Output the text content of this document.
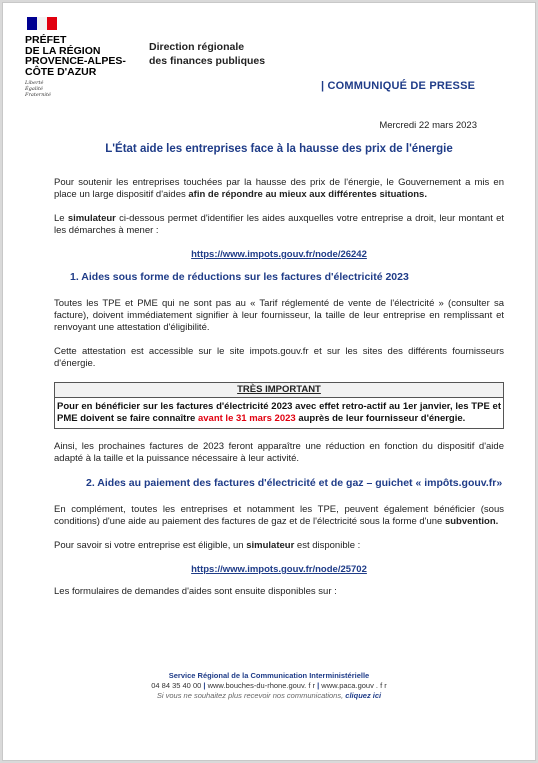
PRÉFET
DE LA RÉGION
PROVENCE-ALPES-
CÔTE D'AZUR
Liberté
Égalité
Fraternité
Direction régionale
des finances publiques
| COMMUNIQUÉ DE PRESSE
Mercredi 22 mars 2023
L'État aide les entreprises face à la hausse des prix de l'énergie

Pour soutenir les entreprises touchées par la hausse des prix de l'énergie, le Gouvernement a mis en place un large dispositif d'aides afin de répondre au mieux aux différentes situations.

Le simulateur ci-dessous permet d'identifier les aides auxquelles votre entreprise a droit, leur montant et les démarches à mener :

https://www.impots.gouv.fr/node/26242
1. Aides sous forme de réductions sur les factures d'électricité 2023

Toutes les TPE et PME qui ne sont pas au « Tarif réglementé de vente de l'électricité » (consulter sa facture), doivent immédiatement signifier à leur fournisseur, la taille de leur entreprise en remplissant et renvoyant une attestation d'éligibilité.

Cette attestation est accessible sur le site impots.gouv.fr et sur les sites des différents fournisseurs d'énergie.

TRÈS IMPORTANT
Pour en bénéficier sur les factures d'électricité 2023 avec effet retro-actif au 1er janvier, les TPE et PME doivent se faire connaître avant le 31 mars 2023 auprès de leur fournisseur d'énergie.

Ainsi, les prochaines factures de 2023 feront apparaître une réduction en fonction du dispositif d'aide adapté à la taille et la puissance nécessaire à leur activité.

2. Aides au paiement des factures d'électricité et de gaz – guichet « impôts.gouv.fr»

En complément, toutes les entreprises et notamment les TPE, peuvent également bénéficier (sous conditions) d'une aide au paiement des factures de gaz et de l'électricité sous la forme d'une subvention.

Pour savoir si votre entreprise est éligible, un simulateur est disponible :

https://www.impots.gouv.fr/node/25702

Les formulaires de demandes d'aides sont ensuite disponibles sur :

Service Régional de la Communication Interministérielle
04 84 35 40 00 | www.bouches-du-rhone.gouv. f r | www.paca.gouv . f r
Si vous ne souhaitez plus recevoir nos communications, cliquez ici
